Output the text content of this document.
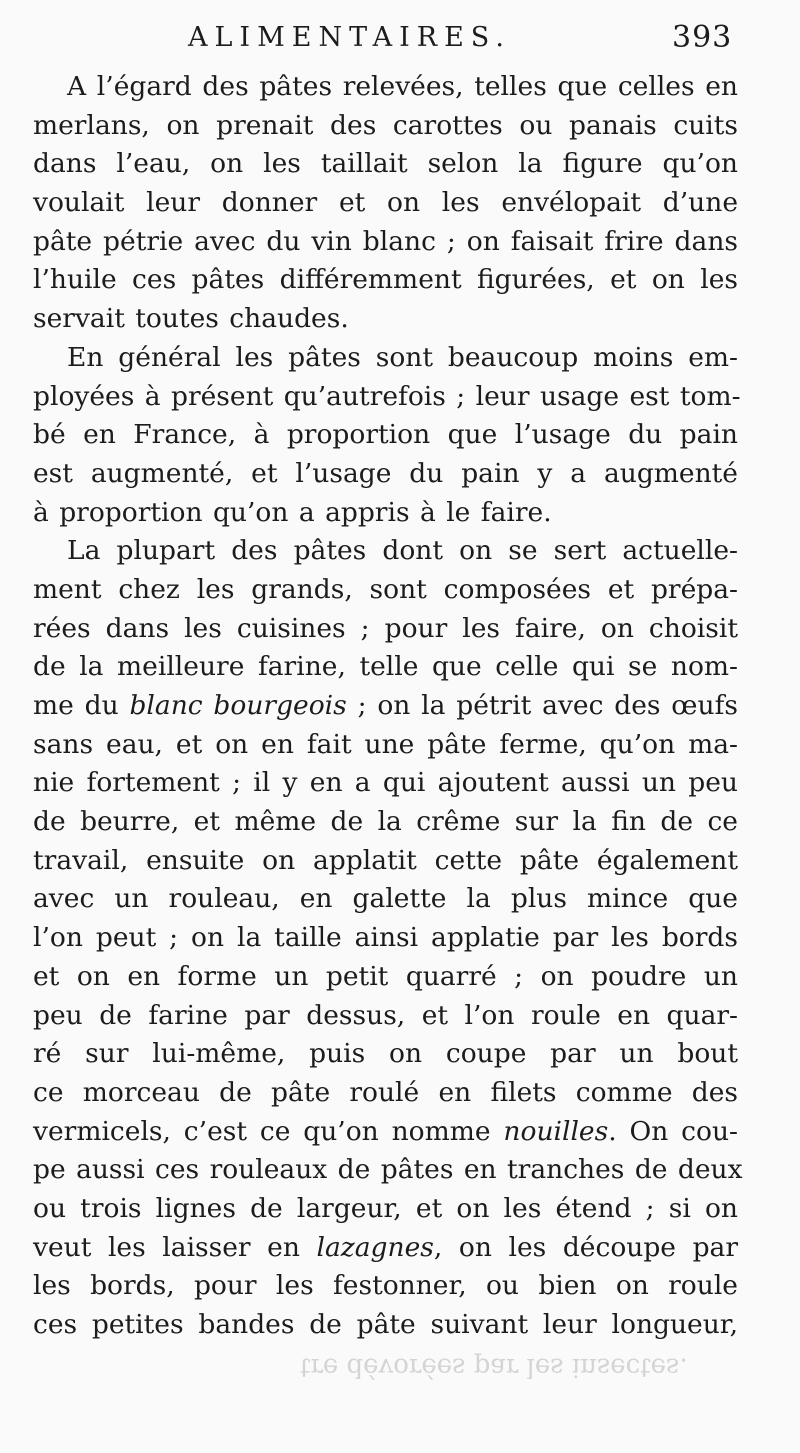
ALIMENTAIRES.	393
A l’égard des pâtes relevées, telles que celles en
merlans, on prenait des carottes ou panais cuits
dans l’eau, on les taillait selon la figure qu’on
voulait leur donner et on les envélopait d’une
pâte pétrie avec du vin blanc ; on faisait frire dans
l’huile ces pâtes différemment figurées, et on les
servait toutes chaudes.
En général les pâtes sont beaucoup moins em-
ployées à présent qu’autrefois ; leur usage est tom-
bé en France, à proportion que l’usage du pain
est augmenté, et l’usage du pain y a augmenté
à proportion qu’on a appris à le faire.
La plupart des pâtes dont on se sert actuelle-
ment chez les grands, sont composées et prépa-
rées dans les cuisines ; pour les faire, on choisit
de la meilleure farine, telle que celle qui se nom-
me du blanc bourgeois ; on la pétrit avec des œufs
sans eau, et on en fait une pâte ferme, qu’on ma-
nie fortement ; il y en a qui ajoutent aussi un peu
de beurre, et même de la crême sur la fin de ce
travail, ensuite on applatit cette pâte également
avec un rouleau, en galette la plus mince que
l’on peut ; on la taille ainsi applatie par les bords
et on en forme un petit quarré ; on poudre un
peu de farine par dessus, et l’on roule en quar-
ré sur lui-même, puis on coupe par un bout
ce morceau de pâte roulé en filets comme des
vermicels, c’est ce qu’on nomme nouilles. On cou-
pe aussi ces rouleaux de pâtes en tranches de deux
ou trois lignes de largeur, et on les étend ; si on
veut les laisser en lazagnes, on les découpe par
les bords, pour les festonner, ou bien on roule
ces petites bandes de pâte suivant leur longueur,
tre dévorées par les insectes.
